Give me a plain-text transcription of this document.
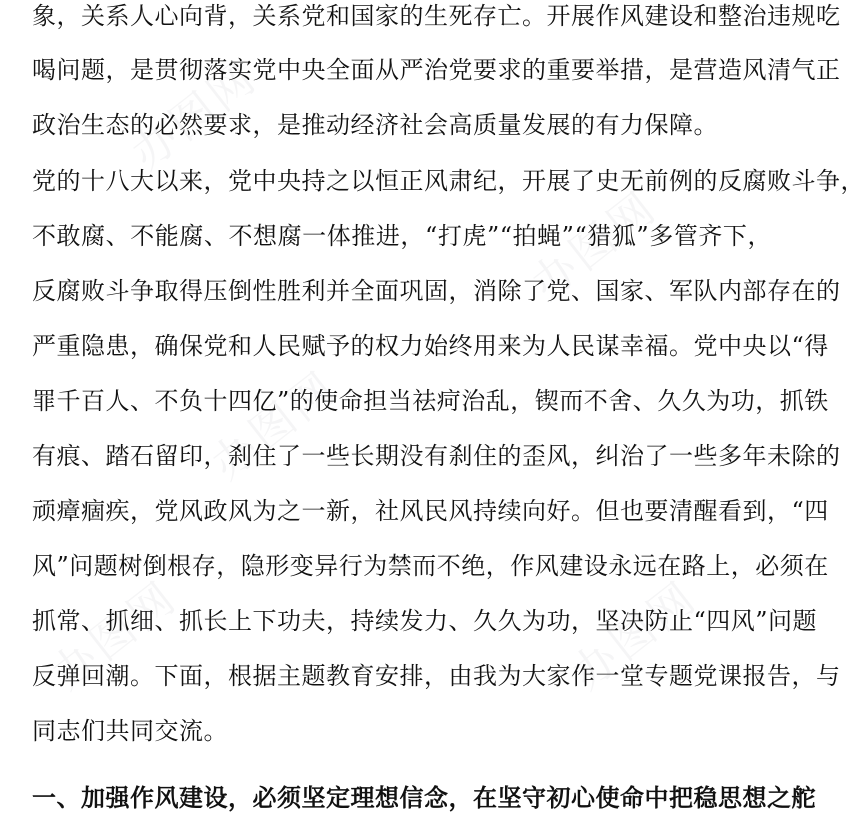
办图网
办图网
办图网
办图网	办图网
象，关系人心向背，关系党和国家的生死存亡。开展作风建设和整治违规吃
喝问题，是贯彻落实党中央全面从严治党要求的重要举措，是营造风清气正
政治生态的必然要求，是推动经济社会高质量发展的有力保障。
党的十八大以来，党中央持之以恒正风肃纪，开展了史无前例的反腐败斗争，
不敢腐、不能腐、不想腐一体推进，“打虎”“拍蝇”“猎狐”多管齐下，
反腐败斗争取得压倒性胜利并全面巩固，消除了党、国家、军队内部存在的
严重隐患，确保党和人民赋予的权力始终用来为人民谋幸福。党中央以“得
罪千百人、不负十四亿”的使命担当祛疴治乱，锲而不舍、久久为功，抓铁
有痕、踏石留印，刹住了一些长期没有刹住的歪风，纠治了一些多年未除的
顽瘴痼疾，党风政风为之一新，社风民风持续向好。但也要清醒看到，“四
风”问题树倒根存，隐形变异行为禁而不绝，作风建设永远在路上，必须在
抓常、抓细、抓长上下功夫，持续发力、久久为功，坚决防止“四风”问题
反弹回潮。下面，根据主题教育安排，由我为大家作一堂专题党课报告，与
同志们共同交流。
一、加强作风建设，必须坚定理想信念，在坚守初心使命中把稳思想之舵
